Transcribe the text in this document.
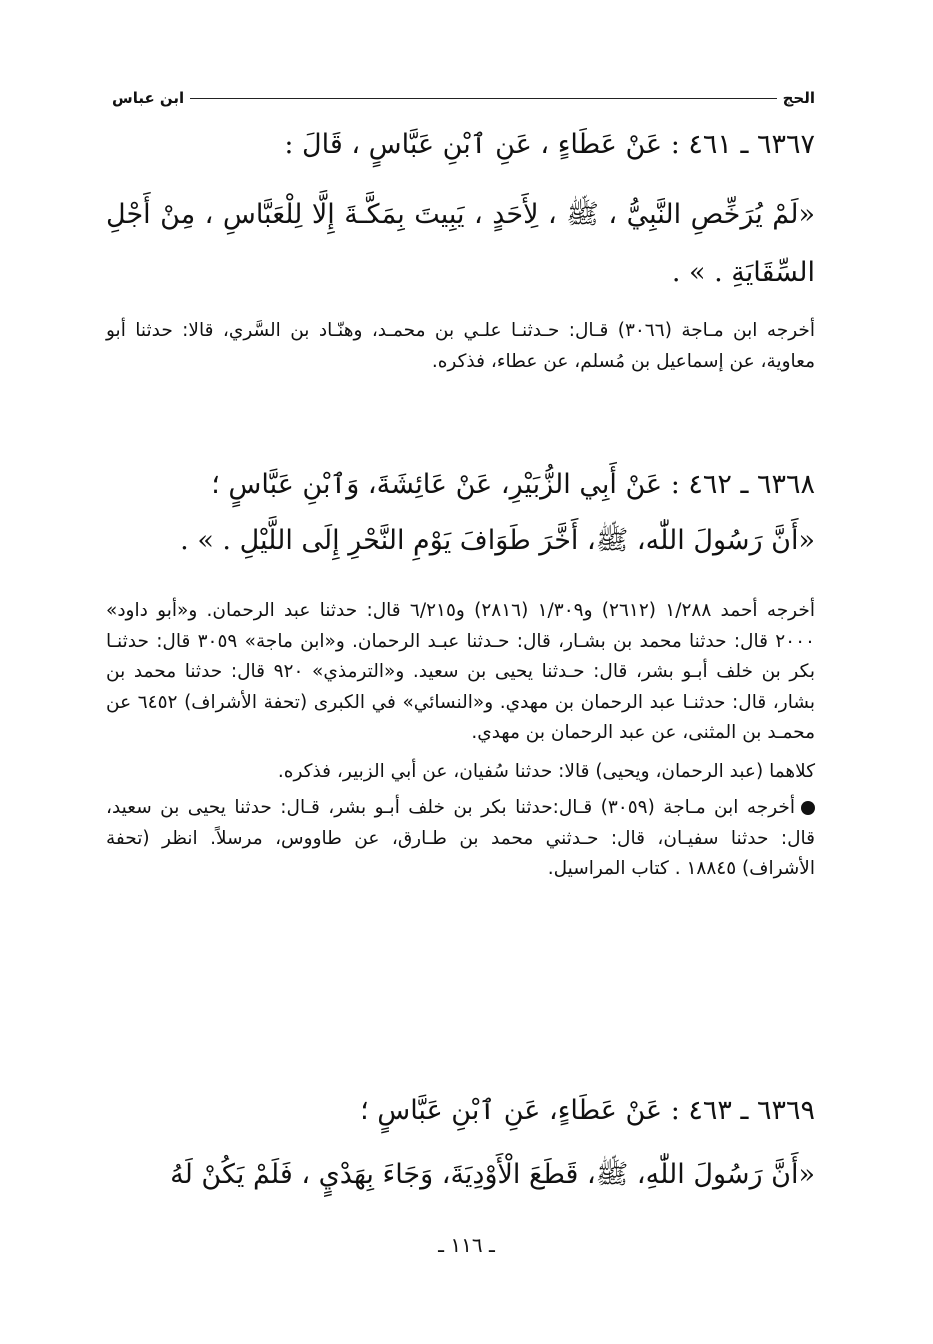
الحج
ابن عباس
٦٣٦٧ ـ ٤٦١ : عَنْ عَطَاءٍ ، عَنِ ٱبْنِ عَبَّاسٍ ، قَالَ :
«لَمْ يُرَخِّصِ النَّبِيُّ ، ﷺ ، لِأَحَدٍ ، يَبِيتَ بِمَكَّـةَ إِلَّا لِلْعَبَّاسِ ، مِنْ أَجْلِ السِّقَايَةِ . » .

أخرجه ابن مـاجة (٣٠٦٦) قـال: حـدثنـا علـي بن محمـد، وهنّـاد بن السَّري، قالا: حدثنا أبو معاوية، عن إسماعيل بن مُسلم، عن عطاء، فذكره.

٦٣٦٨ ـ ٤٦٢ : عَنْ أَبِي الزُّبَيْرِ، عَنْ عَائِشَةَ، وَٱبْنِ عَبَّاسٍ ؛
«أَنَّ رَسُولَ اللّٰه، ﷺ، أَخَّرَ طَوَافَ يَوْمِ النَّحْرِ إِلَى اللَّيْلِ . » .

أخرجه أحمد ١/٢٨٨ (٢٦١٢) و١/٣٠٩ (٢٨١٦) و٦/٢١٥ قال: حدثنا عبد الرحمان. و«أبو داود» ٢٠٠٠ قال: حدثنا محمد بن بشـار، قال: حـدثنا عبـد الرحمان. و«ابن ماجة» ٣٠٥٩ قال: حدثنـا بكر بن خلف أبـو بشر، قال: حـدثنا يحيى بن سعيد. و«الترمذي» ٩٢٠ قال: حدثنا محمد بن بشار، قال: حدثنـا عبد الرحمان بن مهدي. و«النسائي» في الكبرى (تحفة الأشراف) ٦٤٥٢ عن محمـد بن المثنى، عن عبد الرحمان بن مهدي.

كلاهما (عبد الرحمان، ويحيى) قالا: حدثنا سُفيان، عن أبي الزبير، فذكره.

أخرجه ابن مـاجة (٣٠٥٩) قـال:حدثنا بكر بن خلف أبـو بشر، قـال: حدثنا يحيى بن سعيد، قال: حدثنا سفيـان، قال: حـدثني محمد بن طـارق، عن طاووس، مرسلاً. انظر (تحفة الأشراف) ١٨٨٤٥ . كتاب المراسيل.

٦٣٦٩ ـ ٤٦٣ : عَنْ عَطَاءٍ، عَنِ ٱبْنِ عَبَّاسٍ ؛
«أَنَّ رَسُولَ اللّٰهِ، ﷺ، قَطَعَ الْأَوْدِيَةَ، وَجَاءَ بِهَدْيٍ ، فَلَمْ يَكُنْ لَهُ
ـ ١١٦ ـ
